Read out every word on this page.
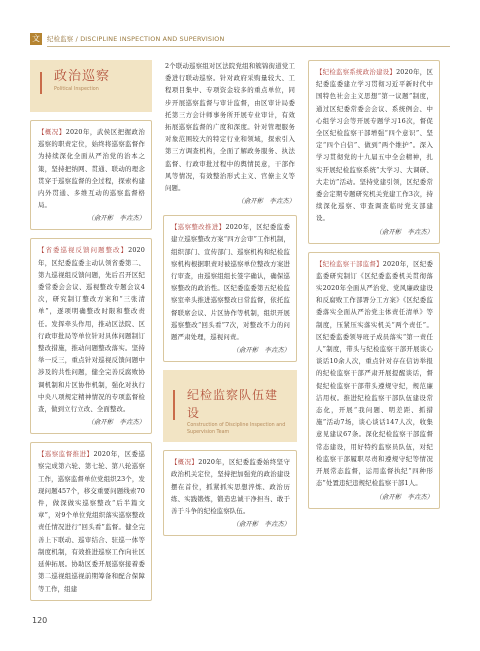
文	纪检监察 / DISCIPLINE INSPECTION AND SUPERVISION
政治巡察
Political Inspection

【概况】2020年，武侯区把握政治巡察的职责定位，始终将巡察监督作为持续深化全面从严治党的治本之策，坚持把纳网、贯通、联动的理念贯穿于巡察监督的全过程，探索构建内外贯通、多维互动的巡察监督格局。

（俞开彬　李垚杰）

【省委巡视反馈问题整改】2020年，区纪委监委主动认领省委第二、第九巡视组反馈问题，先后召开区纪委常委会会议、巡视整改专题会议4次，研究制订整改方案和“三张清单”，逐项明确整改时限和整改责任。发挥牵头作用，推动区法院、区行政审批局等单位针对具体问题制订整改措施，推动问题整改落实。坚持举一反三，重点针对巡视反馈问题中涉及的共性问题，健全完善反腐败协调机制和片区协作机制，强化对执行中央八项规定精神情况的专项监督检查，做到立行立改、全面整改。

（俞开彬　李垚杰）

【巡察监督推进】2020年，区委巡察完成第六轮、第七轮、第八轮巡察工作，巡察监督单位党组织23个，发现问题457个，移交重要问题线索70件，做深做实巡察整改“后半篇文章”，对9个单位党组织落实巡察整改责任情况进行“回头看”监督。健全完善上下联动、巡审结合、驻巡一体等制度机制，有效推进巡察工作向社区延伸拓展。协助区委开展巡察接着委第二巡视组巡视前期筹备和配合保障等工作，组建

2个联动巡察组对区法院党组和簇锦街道党工委进行联动巡察。针对政府采购量较大、工程项目集中、专项资金较多的重点单位，同步开展巡察监督与审计监督，由区审计局委托第三方会计师事务所开展专业审计，有效拓展巡察监督的广度和深度。针对管理服务对象范围较大的特定行业和领域，探索引入第三方调查机构，全面了解政务服务、执法监督、行政审批过程中的舆情民意，干部作风等情况，有效整治形式主义、官僚主义等问题。

（俞开彬　李垚杰）

【巡察整改推进】2020年，区纪委监委建立巡察整改方案“四方会审”工作机制，组织部门、宣传部门、巡察机构和纪检监察机构根据职责对被巡察单位整改方案进行审查，由巡察组组长签字确认，确保巡察整改的政治性。区纪委监委第五纪检监察室牵头推进巡察整改日常监督，依托监督联席会议、片区协作等机制，组织开展巡察整改“回头看”7次，对整改不力的问题严肃处理，巡视问责。

（俞开彬　李垚杰）

纪检监察队伍建设
Construction of Discipline Inspection and Supervision Team

【概况】2020年，区纪委监委始终坚守政治机关定位，坚持把加强党的政治建设摆在首位，抓紧抓实思想淬炼、政治历练、实践锻炼，锻造忠诚干净担当、敢于善于斗争的纪检监察队伍。

（俞开彬　李垚杰）

【纪检监察系统政治建设】2020年，区纪委监委建立学习贯彻习近平新时代中国特色社会主义思想“第一议题”制度，通过区纪委常委会会议、系统例会、中心组学习会等开展专题学习16次，督促全区纪检监察干部增强“四个意识”、坚定“四个自信”、做到“两个维护”。深入学习贯彻党的十九届五中全会精神，扎实开展纪检监察系统“大学习、大调研、大走访”活动。坚持党建引领，区纪委常委会定期专题研究机关党建工作3次，持续深化巡察、审查调查临时党支部建设。

（俞开彬　李垚杰）

【纪检监察干部监督】2020年，区纪委监委研究制订《区纪委监委机关贯彻落实2020年全面从严治党、党风廉政建设和反腐败工作部署分工方案》《区纪委监委落实全面从严治党主体责任清单》等制度，压紧压实落实机关“两个责任”。区纪委监委领导班子成员落实“第一责任人”制度，带头与纪检监察干部开展谈心谈话10余人次，重点针对存在信访举报的纪检监察干部严肃开展提醒谈话，督促纪检监察干部带头遵规守纪，规范廉洁用权。推进纪检监察干部队伍建设常态化，开展“我问题、明差距、抓措施”活动7场，谈心谈话147人次，收集意见建议67条。深化纪检监察干部监督常态建设，用好特约监察员队伍，对纪检监察干部履职尽责和遵规守纪等情况开展常态监督，运用监督执纪“四种形态”处置违纪违规纪检监察干部1人。

（俞开彬　李垚杰）

120
